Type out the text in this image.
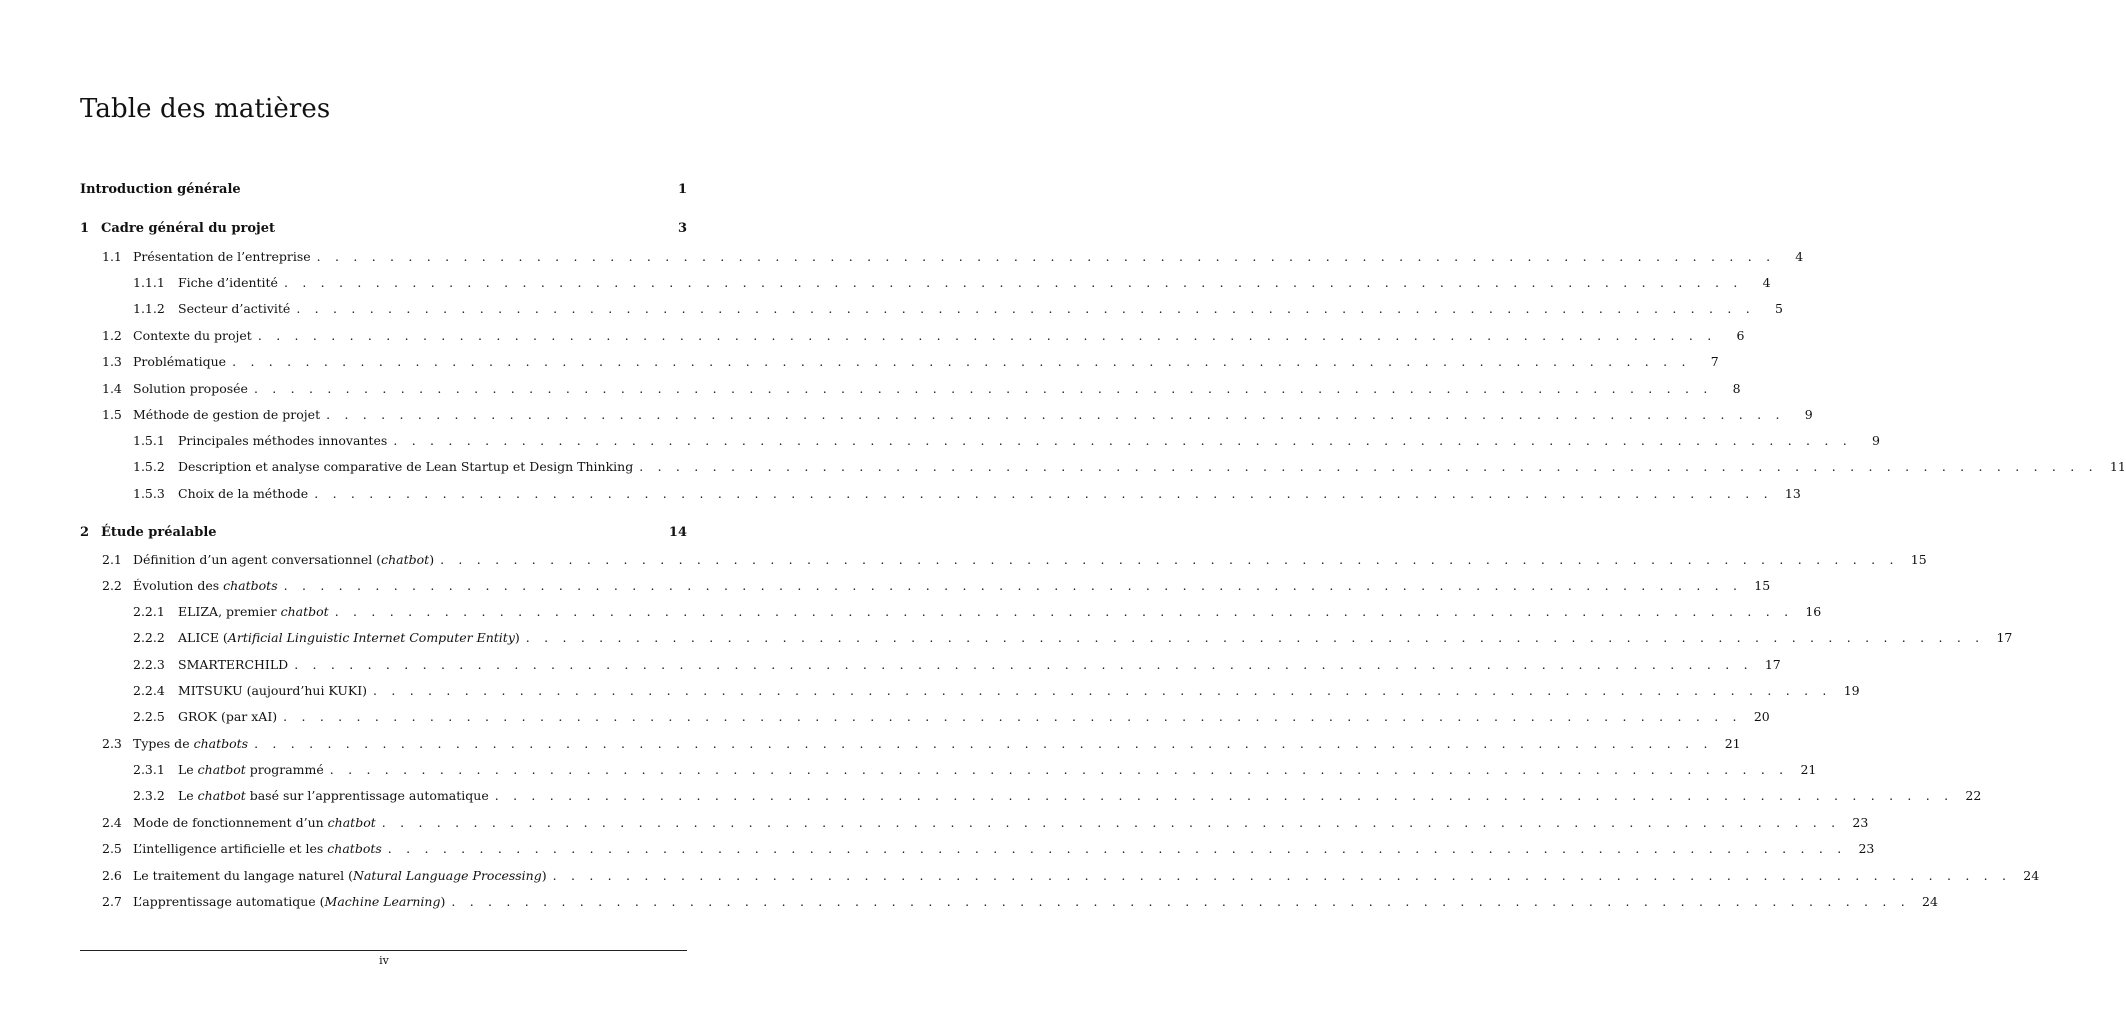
Table des matières
Introduction générale	1
1 Cadre général du projet	3
1.1 Présentation de l’entreprise . . . . . . . . . . . . . . . . . . . . . . . . . . . . . . . . . . . . . . . . . . . . . . . . . . . . . . . . . . . . . . . . . . . . . . . . . . . . . . . .	4
1.1.1	Fiche d’identité . . . . . . . . . . . . . . . . . . . . . . . . . . . . . . . . . . . . . . . . . . . . . . . . . . . . . . . . . . . . . . . . . . . . . . . . . . . . . . . .	4
1.1.2	Secteur d’activité . . . . . . . . . . . . . . . . . . . . . . . . . . . . . . . . . . . . . . . . . . . . . . . . . . . . . . . . . . . . . . . . . . . . . . . . . . . . . . . .	5
1.2 Contexte du projet . . . . . . . . . . . . . . . . . . . . . . . . . . . . . . . . . . . . . . . . . . . . . . . . . . . . . . . . . . . . . . . . . . . . . . . . . . . . . . . .	6
1.3 Problématique . . . . . . . . . . . . . . . . . . . . . . . . . . . . . . . . . . . . . . . . . . . . . . . . . . . . . . . . . . . . . . . . . . . . . . . . . . . . . . . .	7
1.4 Solution proposée . . . . . . . . . . . . . . . . . . . . . . . . . . . . . . . . . . . . . . . . . . . . . . . . . . . . . . . . . . . . . . . . . . . . . . . . . . . . . . . .	8
1.5 Méthode de gestion de projet . . . . . . . . . . . . . . . . . . . . . . . . . . . . . . . . . . . . . . . . . . . . . . . . . . . . . . . . . . . . . . . . . . . . . . . . . . . . . . . .	9
1.5.1	Principales méthodes innovantes . . . . . . . . . . . . . . . . . . . . . . . . . . . . . . . . . . . . . . . . . . . . . . . . . . . . . . . . . . . . . . . . . . . . . . . . . . . . . . . .	9
1.5.2	Description et analyse comparative de Lean Startup et Design Thinking . . . . . . . . . . . . . . . . . . . . . . . . . . . . . . . . . . . . . . . . . . . . . . . . . . . . . . . . . . . . . . . . . . . . . . . . . . . . . . . . 11
1.5.3	Choix de la méthode . . . . . . . . . . . . . . . . . . . . . . . . . . . . . . . . . . . . . . . . . . . . . . . . . . . . . . . . . . . . . . . . . . . . . . . . . . . . . . . . 13
2 Étude préalable	14
2.1 Définition d’un agent conversationnel (chatbot) . . . . . . . . . . . . . . . . . . . . . . . . . . . . . . . . . . . . . . . . . . . . . . . . . . . . . . . . . . . . . . . . . . . . . . . . . . . . . . . . 15
2.2 Évolution des chatbots . . . . . . . . . . . . . . . . . . . . . . . . . . . . . . . . . . . . . . . . . . . . . . . . . . . . . . . . . . . . . . . . . . . . . . . . . . . . . . . . 15
2.2.1	ELIZA, premier chatbot . . . . . . . . . . . . . . . . . . . . . . . . . . . . . . . . . . . . . . . . . . . . . . . . . . . . . . . . . . . . . . . . . . . . . . . . . . . . . . . . 16
2.2.2	ALICE (Artificial Linguistic Internet Computer Entity) . . . . . . . . . . . . . . . . . . . . . . . . . . . . . . . . . . . . . . . . . . . . . . . . . . . . . . . . . . . . . . . . . . . . . . . . . . . . . . . . 17
2.2.3	SMARTERCHILD . . . . . . . . . . . . . . . . . . . . . . . . . . . . . . . . . . . . . . . . . . . . . . . . . . . . . . . . . . . . . . . . . . . . . . . . . . . . . . . . 17
2.2.4	MITSUKU (aujourd’hui KUKI) . . . . . . . . . . . . . . . . . . . . . . . . . . . . . . . . . . . . . . . . . . . . . . . . . . . . . . . . . . . . . . . . . . . . . . . . . . . . . . . . 19
2.2.5	GROK (par xAI) . . . . . . . . . . . . . . . . . . . . . . . . . . . . . . . . . . . . . . . . . . . . . . . . . . . . . . . . . . . . . . . . . . . . . . . . . . . . . . . . 20
2.3 Types de chatbots . . . . . . . . . . . . . . . . . . . . . . . . . . . . . . . . . . . . . . . . . . . . . . . . . . . . . . . . . . . . . . . . . . . . . . . . . . . . . . . . 21
2.3.1	Le chatbot programmé . . . . . . . . . . . . . . . . . . . . . . . . . . . . . . . . . . . . . . . . . . . . . . . . . . . . . . . . . . . . . . . . . . . . . . . . . . . . . . . . 21
2.3.2	Le chatbot basé sur l’apprentissage automatique . . . . . . . . . . . . . . . . . . . . . . . . . . . . . . . . . . . . . . . . . . . . . . . . . . . . . . . . . . . . . . . . . . . . . . . . . . . . . . . . 22
2.4 Mode de fonctionnement d’un chatbot . . . . . . . . . . . . . . . . . . . . . . . . . . . . . . . . . . . . . . . . . . . . . . . . . . . . . . . . . . . . . . . . . . . . . . . . . . . . . . . . 23
2.5 L’intelligence artificielle et les chatbots . . . . . . . . . . . . . . . . . . . . . . . . . . . . . . . . . . . . . . . . . . . . . . . . . . . . . . . . . . . . . . . . . . . . . . . . . . . . . . . . 23
2.6 Le traitement du langage naturel (Natural Language Processing) . . . . . . . . . . . . . . . . . . . . . . . . . . . . . . . . . . . . . . . . . . . . . . . . . . . . . . . . . . . . . . . . . . . . . . . . . . . . . . . . 24
2.7 L’apprentissage automatique (Machine Learning) . . . . . . . . . . . . . . . . . . . . . . . . . . . . . . . . . . . . . . . . . . . . . . . . . . . . . . . . . . . . . . . . . . . . . . . . . . . . . . . . 24
iv
